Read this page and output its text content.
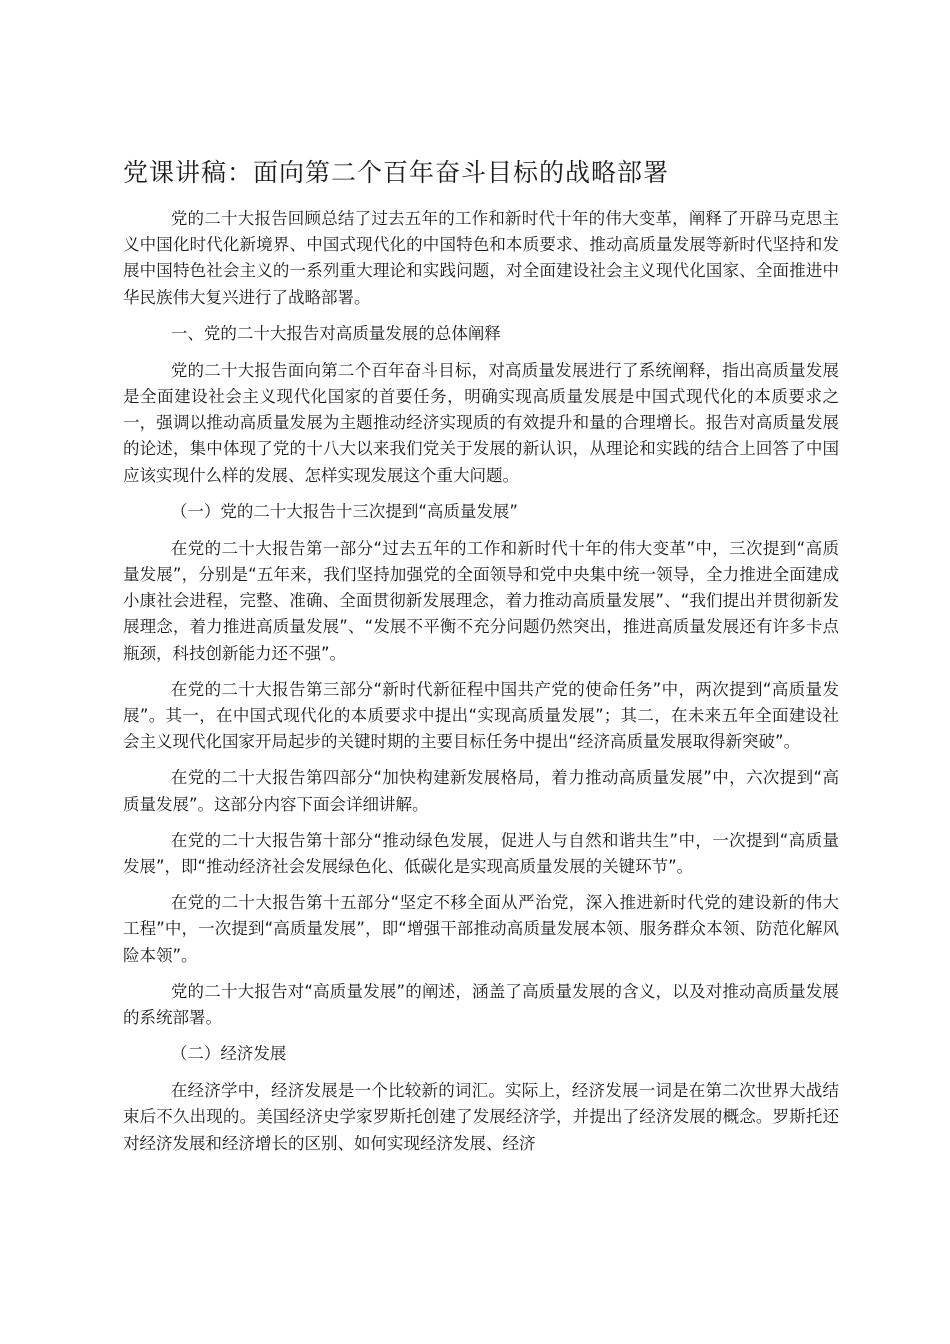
党课讲稿：面向第二个百年奋斗目标的战略部署

党的二十大报告回顾总结了过去五年的工作和新时代十年的伟大变革，阐释了开辟马克思主义中国化时代化新境界、中国式现代化的中国特色和本质要求、推动高质量发展等新时代坚持和发展中国特色社会主义的一系列重大理论和实践问题，对全面建设社会主义现代化国家、全面推进中华民族伟大复兴进行了战略部署。

一、党的二十大报告对高质量发展的总体阐释

党的二十大报告面向第二个百年奋斗目标，对高质量发展进行了系统阐释，指出高质量发展是全面建设社会主义现代化国家的首要任务，明确实现高质量发展是中国式现代化的本质要求之一，强调以推动高质量发展为主题推动经济实现质的有效提升和量的合理增长。报告对高质量发展的论述，集中体现了党的十八大以来我们党关于发展的新认识，从理论和实践的结合上回答了中国应该实现什么样的发展、怎样实现发展这个重大问题。

（一）党的二十大报告十三次提到“高质量发展”

在党的二十大报告第一部分“过去五年的工作和新时代十年的伟大变革”中，三次提到“高质量发展”，分别是“五年来，我们坚持加强党的全面领导和党中央集中统一领导，全力推进全面建成小康社会进程，完整、准确、全面贯彻新发展理念，着力推动高质量发展”、“我们提出并贯彻新发展理念，着力推进高质量发展”、“发展不平衡不充分问题仍然突出，推进高质量发展还有许多卡点瓶颈，科技创新能力还不强”。

在党的二十大报告第三部分“新时代新征程中国共产党的使命任务”中，两次提到“高质量发展”。其一，在中国式现代化的本质要求中提出“实现高质量发展”；其二，在未来五年全面建设社会主义现代化国家开局起步的关键时期的主要目标任务中提出“经济高质量发展取得新突破”。

在党的二十大报告第四部分“加快构建新发展格局，着力推动高质量发展”中，六次提到“高质量发展”。这部分内容下面会详细讲解。

在党的二十大报告第十部分“推动绿色发展，促进人与自然和谐共生”中，一次提到“高质量发展”，即“推动经济社会发展绿色化、低碳化是实现高质量发展的关键环节”。

在党的二十大报告第十五部分“坚定不移全面从严治党，深入推进新时代党的建设新的伟大工程”中，一次提到“高质量发展”，即“增强干部推动高质量发展本领、服务群众本领、防范化解风险本领”。

党的二十大报告对“高质量发展”的阐述，涵盖了高质量发展的含义，以及对推动高质量发展的系统部署。

（二）经济发展

在经济学中，经济发展是一个比较新的词汇。实际上，经济发展一词是在第二次世界大战结束后不久出现的。美国经济史学家罗斯托创建了发展经济学，并提出了经济发展的概念。罗斯托还对经济发展和经济增长的区别、如何实现经济发展、经济
